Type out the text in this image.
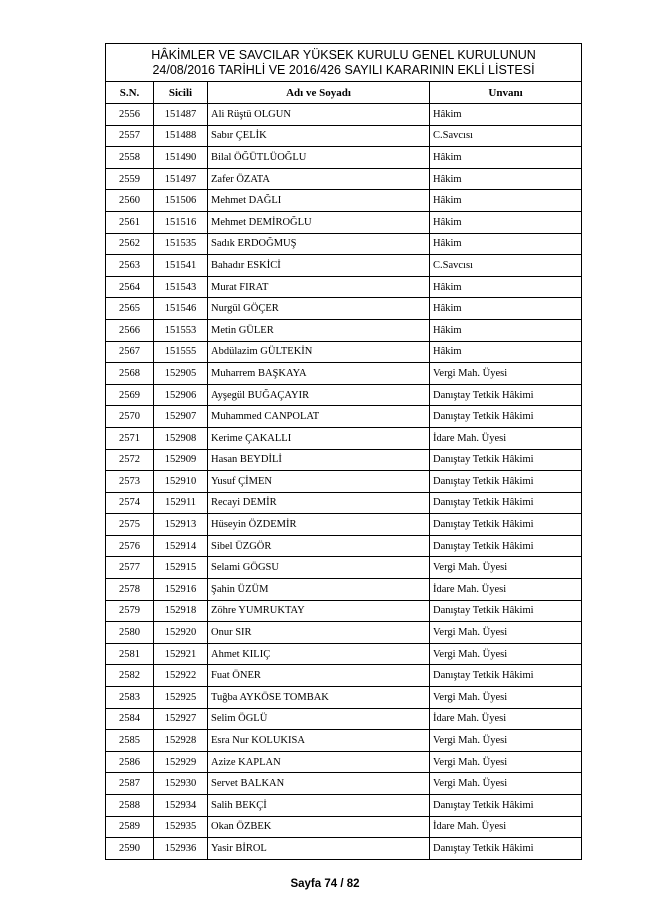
HÂKİMLER VE SAVCILAR YÜKSEK KURULU GENEL KURULUNUN
24/08/2016 TARİHLİ VE 2016/426 SAYILI KARARININ EKLİ LİSTESİ			

S.N.	Sicili	Adı ve Soyadı	Unvanı
2556	151487	Ali Rüştü OLGUN	Hâkim
2557	151488	Sabır ÇELİK	C.Savcısı
2558	151490	Bilal ÖĞÜTLÜOĞLU	Hâkim
2559	151497	Zafer ÖZATA	Hâkim
2560	151506	Mehmet DAĞLI	Hâkim
2561	151516	Mehmet DEMİROĞLU	Hâkim
2562	151535	Sadık ERDOĞMUŞ	Hâkim
2563	151541	Bahadır ESKİCİ	C.Savcısı
2564	151543	Murat FIRAT	Hâkim
2565	151546	Nurgül GÖÇER	Hâkim
2566	151553	Metin GÜLER	Hâkim
2567	151555	Abdülazim GÜLTEKİN	Hâkim
2568	152905	Muharrem BAŞKAYA	Vergi Mah. Üyesi
2569	152906	Ayşegül BUĞAÇAYIR	Danıştay Tetkik Hâkimi
2570	152907	Muhammed CANPOLAT	Danıştay Tetkik Hâkimi
2571	152908	Kerime ÇAKALLI	İdare Mah. Üyesi
2572	152909	Hasan BEYDİLİ	Danıştay Tetkik Hâkimi
2573	152910	Yusuf ÇİMEN	Danıştay Tetkik Hâkimi
2574	152911	Recayi DEMİR	Danıştay Tetkik Hâkimi
2575	152913	Hüseyin ÖZDEMİR	Danıştay Tetkik Hâkimi
2576	152914	Sibel ÜZGÖR	Danıştay Tetkik Hâkimi
2577	152915	Selami GÖGSU	Vergi Mah. Üyesi
2578	152916	Şahin ÜZÜM	İdare Mah. Üyesi
2579	152918	Zöhre YUMRUKTAY	Danıştay Tetkik Hâkimi
2580	152920	Onur SIR	Vergi Mah. Üyesi
2581	152921	Ahmet KILIÇ	Vergi Mah. Üyesi
2582	152922	Fuat ÖNER	Danıştay Tetkik Hâkimi
2583	152925	Tuğba AYKÖSE TOMBAK	Vergi Mah. Üyesi
2584	152927	Selim ÖGLÜ	İdare Mah. Üyesi
2585	152928	Esra Nur KOLUKISA	Vergi Mah. Üyesi
2586	152929	Azize KAPLAN	Vergi Mah. Üyesi
2587	152930	Servet BALKAN	Vergi Mah. Üyesi
2588	152934	Salih BEKÇİ	Danıştay Tetkik Hâkimi
2589	152935	Okan ÖZBEK	İdare Mah. Üyesi
2590	152936	Yasir BİROL	Danıştay Tetkik Hâkimi
Sayfa 74 / 82
